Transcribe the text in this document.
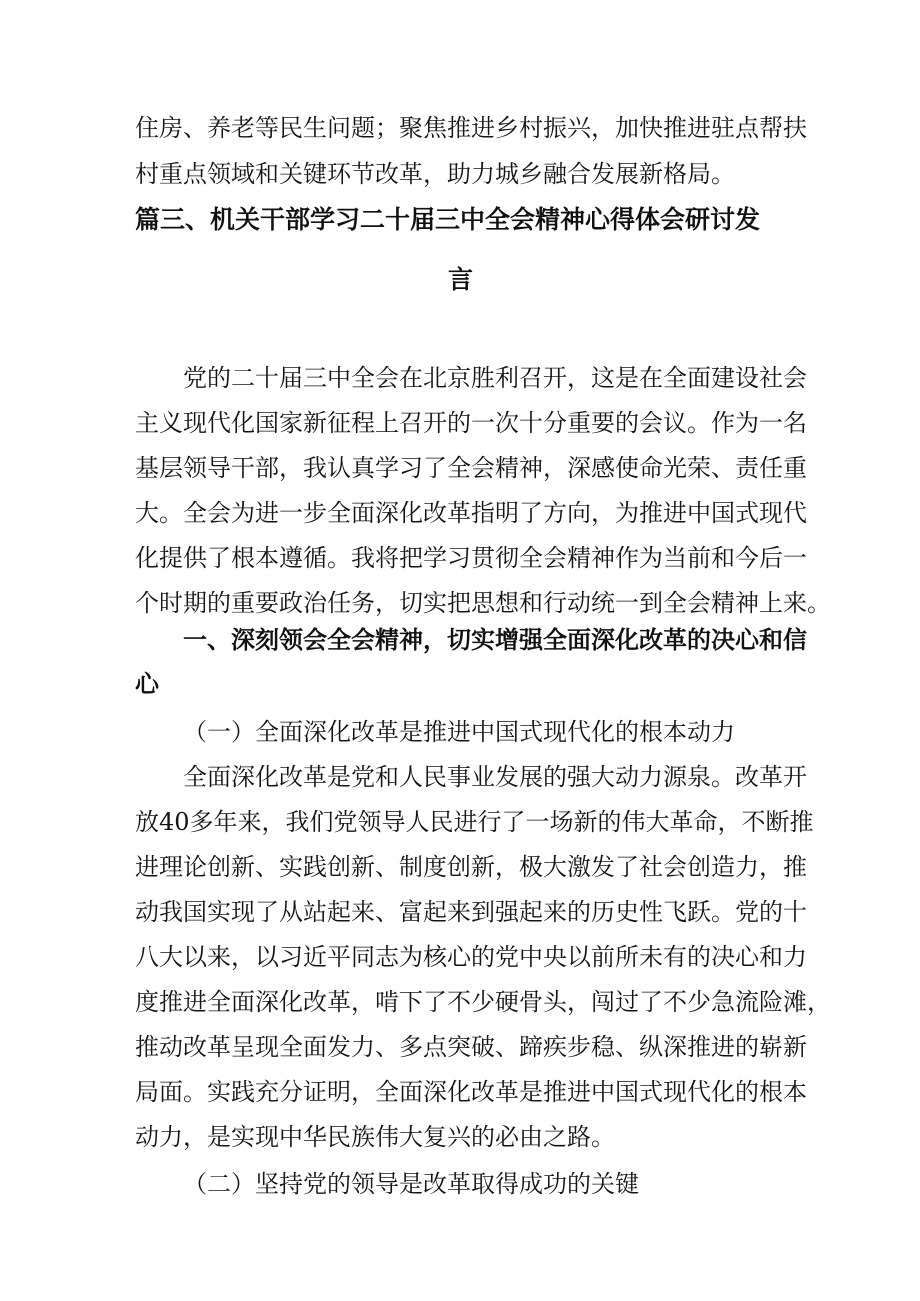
住房、养老等民生问题；聚焦推进乡村振兴，加快推进驻点帮扶
村重点领域和关键环节改革，助力城乡融合发展新格局。
篇三、机关干部学习二十届三中全会精神心得体会研讨发
言
党的二十届三中全会在北京胜利召开，这是在全面建设社会
主义现代化国家新征程上召开的一次十分重要的会议。作为一名
基层领导干部，我认真学习了全会精神，深感使命光荣、责任重
大。全会为进一步全面深化改革指明了方向，为推进中国式现代
化提供了根本遵循。我将把学习贯彻全会精神作为当前和今后一
个时期的重要政治任务，切实把思想和行动统一到全会精神上来。
一、深刻领会全会精神，切实增强全面深化改革的决心和信
心
（一）全面深化改革是推进中国式现代化的根本动力
全面深化改革是党和人民事业发展的强大动力源泉。改革开
放40多年来，我们党领导人民进行了一场新的伟大革命，不断推
进理论创新、实践创新、制度创新，极大激发了社会创造力，推
动我国实现了从站起来、富起来到强起来的历史性飞跃。党的十
八大以来，以习近平同志为核心的党中央以前所未有的决心和力
度推进全面深化改革，啃下了不少硬骨头，闯过了不少急流险滩，
推动改革呈现全面发力、多点突破、蹄疾步稳、纵深推进的崭新
局面。实践充分证明，全面深化改革是推进中国式现代化的根本
动力，是实现中华民族伟大复兴的必由之路。
（二）坚持党的领导是改革取得成功的关键
